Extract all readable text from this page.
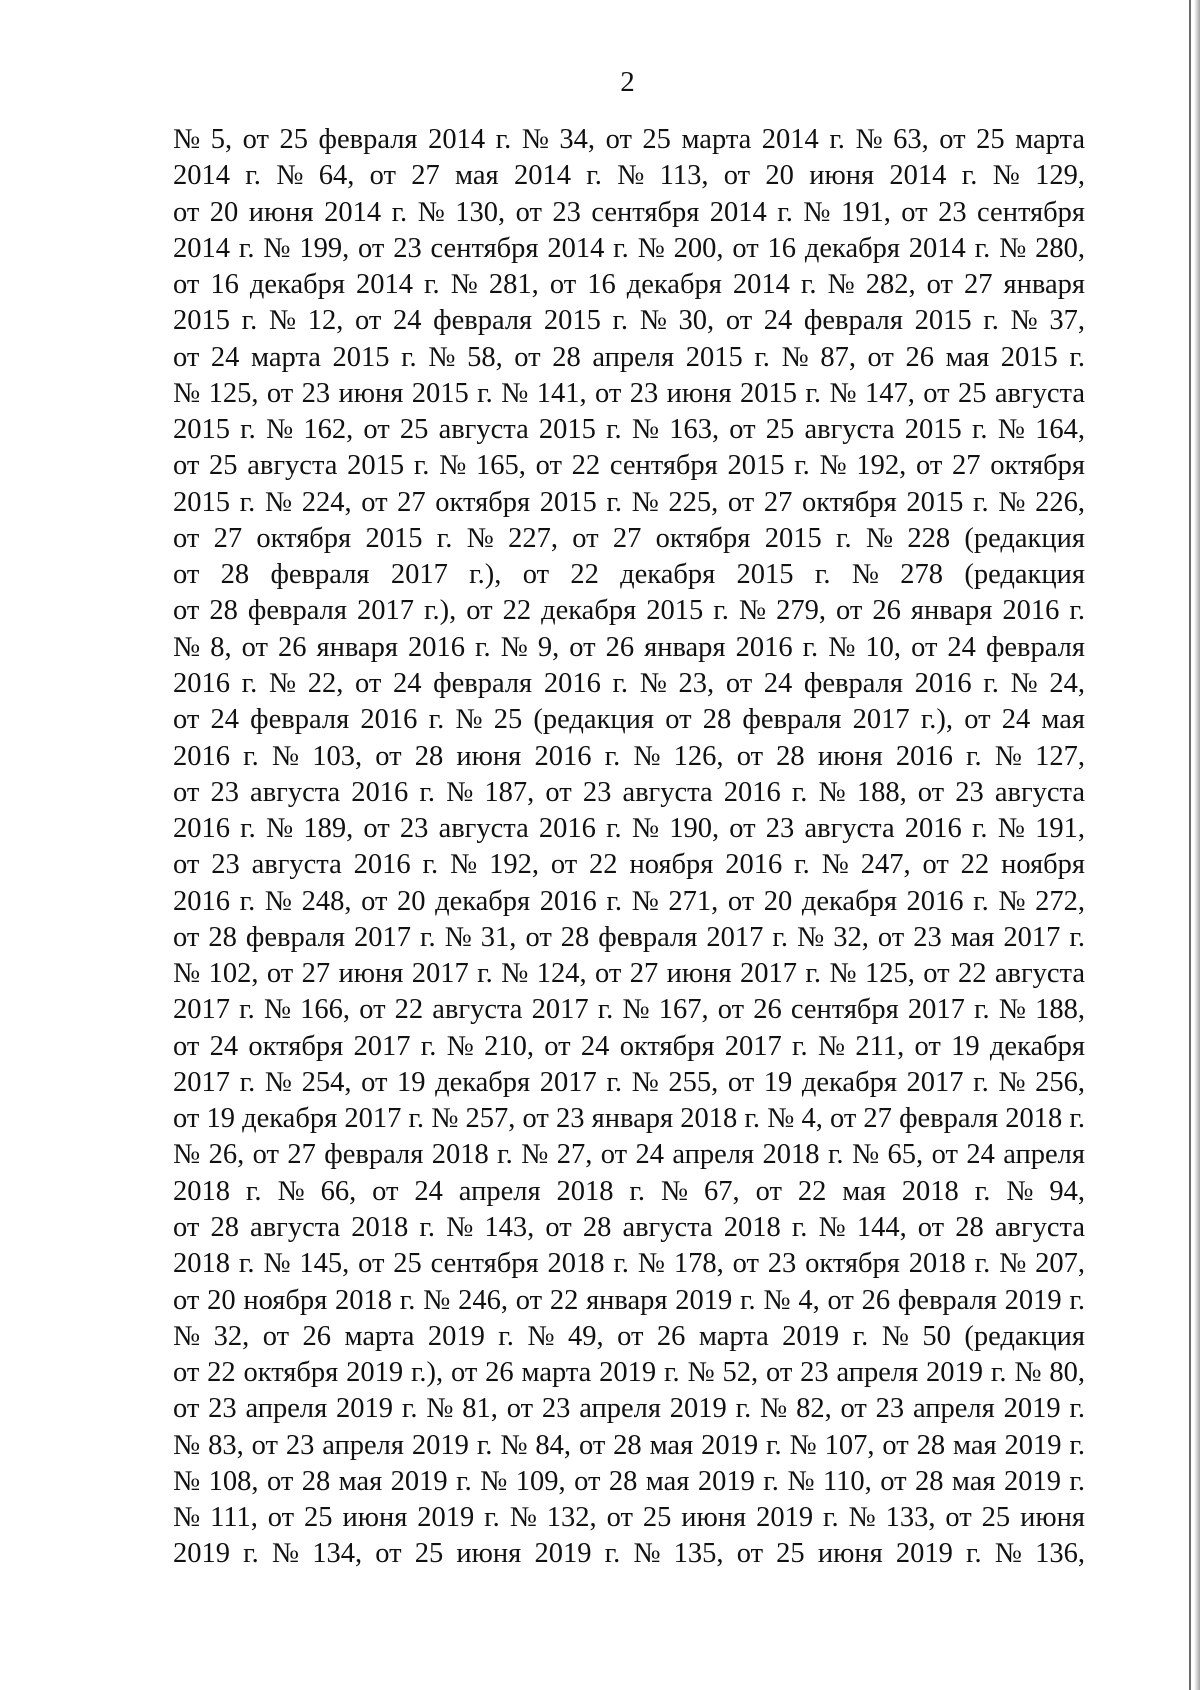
2
№ 5, от 25 февраля 2014 г. № 34, от 25 марта 2014 г. № 63, от 25 марта
2014 г. № 64, от 27 мая 2014 г. № 113, от 20 июня 2014 г. № 129,
от 20 июня 2014 г. № 130, от 23 сентября 2014 г. № 191, от 23 сентября
2014 г. № 199, от 23 сентября 2014 г. № 200, от 16 декабря 2014 г. № 280,
от 16 декабря 2014 г. № 281, от 16 декабря 2014 г. № 282, от 27 января
2015 г. № 12, от 24 февраля 2015 г. № 30, от 24 февраля 2015 г. № 37,
от 24 марта 2015 г. № 58, от 28 апреля 2015 г. № 87, от 26 мая 2015 г.
№ 125, от 23 июня 2015 г. № 141, от 23 июня 2015 г. № 147, от 25 августа
2015 г. № 162, от 25 августа 2015 г. № 163, от 25 августа 2015 г. № 164,
от 25 августа 2015 г. № 165, от 22 сентября 2015 г. № 192, от 27 октября
2015 г. № 224, от 27 октября 2015 г. № 225, от 27 октября 2015 г. № 226,
от 27 октября 2015 г. № 227, от 27 октября 2015 г. № 228 (редакция
от 28 февраля 2017 г.), от 22 декабря 2015 г. № 278 (редакция
от 28 февраля 2017 г.), от 22 декабря 2015 г. № 279, от 26 января 2016 г.
№ 8, от 26 января 2016 г. № 9, от 26 января 2016 г. № 10, от 24 февраля
2016 г. № 22, от 24 февраля 2016 г. № 23, от 24 февраля 2016 г. № 24,
от 24 февраля 2016 г. № 25 (редакция от 28 февраля 2017 г.), от 24 мая
2016 г. № 103, от 28 июня 2016 г. № 126, от 28 июня 2016 г. № 127,
от 23 августа 2016 г. № 187, от 23 августа 2016 г. № 188, от 23 августа
2016 г. № 189, от 23 августа 2016 г. № 190, от 23 августа 2016 г. № 191,
от 23 августа 2016 г. № 192, от 22 ноября 2016 г. № 247, от 22 ноября
2016 г. № 248, от 20 декабря 2016 г. № 271, от 20 декабря 2016 г. № 272,
от 28 февраля 2017 г. № 31, от 28 февраля 2017 г. № 32, от 23 мая 2017 г.
№ 102, от 27 июня 2017 г. № 124, от 27 июня 2017 г. № 125, от 22 августа
2017 г. № 166, от 22 августа 2017 г. № 167, от 26 сентября 2017 г. № 188,
от 24 октября 2017 г. № 210, от 24 октября 2017 г. № 211, от 19 декабря
2017 г. № 254, от 19 декабря 2017 г. № 255, от 19 декабря 2017 г. № 256,
от 19 декабря 2017 г. № 257, от 23 января 2018 г. № 4, от 27 февраля 2018 г.
№ 26, от 27 февраля 2018 г. № 27, от 24 апреля 2018 г. № 65, от 24 апреля
2018 г. № 66, от 24 апреля 2018 г. № 67, от 22 мая 2018 г. № 94,
от 28 августа 2018 г. № 143, от 28 августа 2018 г. № 144, от 28 августа
2018 г. № 145, от 25 сентября 2018 г. № 178, от 23 октября 2018 г. № 207,
от 20 ноября 2018 г. № 246, от 22 января 2019 г. № 4, от 26 февраля 2019 г.
№ 32, от 26 марта 2019 г. № 49, от 26 марта 2019 г. № 50 (редакция
от 22 октября 2019 г.), от 26 марта 2019 г. № 52, от 23 апреля 2019 г. № 80,
от 23 апреля 2019 г. № 81, от 23 апреля 2019 г. № 82, от 23 апреля 2019 г.
№ 83, от 23 апреля 2019 г. № 84, от 28 мая 2019 г. № 107, от 28 мая 2019 г.
№ 108, от 28 мая 2019 г. № 109, от 28 мая 2019 г. № 110, от 28 мая 2019 г.
№ 111, от 25 июня 2019 г. № 132, от 25 июня 2019 г. № 133, от 25 июня
2019 г. № 134, от 25 июня 2019 г. № 135, от 25 июня 2019 г. № 136,
